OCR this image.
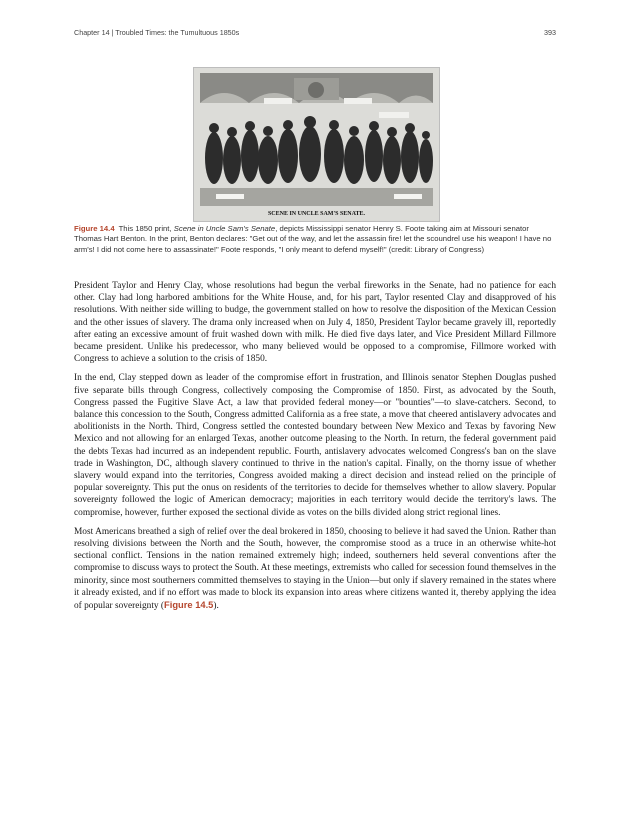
Chapter 14 | Troubled Times: the Tumultuous 1850s	393
SCENE IN UNCLE SAM'S SENATE.
Figure 14.4 This 1850 print, Scene in Uncle Sam's Senate, depicts Mississippi senator Henry S. Foote taking aim at Missouri senator Thomas Hart Benton. In the print, Benton declares: "Get out of the way, and let the assassin fire! let the scoundrel use his weapon! I have no arm's! I did not come here to assassinate!" Foote responds, "I only meant to defend myself!" (credit: Library of Congress)

President Taylor and Henry Clay, whose resolutions had begun the verbal fireworks in the Senate, had no patience for each other. Clay had long harbored ambitions for the White House, and, for his part, Taylor resented Clay and disapproved of his resolutions. With neither side willing to budge, the government stalled on how to resolve the disposition of the Mexican Cession and the other issues of slavery. The drama only increased when on July 4, 1850, President Taylor became gravely ill, reportedly after eating an excessive amount of fruit washed down with milk. He died five days later, and Vice President Millard Fillmore became president. Unlike his predecessor, who many believed would be opposed to a compromise, Fillmore worked with Congress to achieve a solution to the crisis of 1850.

In the end, Clay stepped down as leader of the compromise effort in frustration, and Illinois senator Stephen Douglas pushed five separate bills through Congress, collectively composing the Compromise of 1850. First, as advocated by the South, Congress passed the Fugitive Slave Act, a law that provided federal money—or "bounties"—to slave-catchers. Second, to balance this concession to the South, Congress admitted California as a free state, a move that cheered antislavery advocates and abolitionists in the North. Third, Congress settled the contested boundary between New Mexico and Texas by favoring New Mexico and not allowing for an enlarged Texas, another outcome pleasing to the North. In return, the federal government paid the debts Texas had incurred as an independent republic. Fourth, antislavery advocates welcomed Congress's ban on the slave trade in Washington, DC, although slavery continued to thrive in the nation's capital. Finally, on the thorny issue of whether slavery would expand into the territories, Congress avoided making a direct decision and instead relied on the principle of popular sovereignty. This put the onus on residents of the territories to decide for themselves whether to allow slavery. Popular sovereignty followed the logic of American democracy; majorities in each territory would decide the territory's laws. The compromise, however, further exposed the sectional divide as votes on the bills divided along strict regional lines.

Most Americans breathed a sigh of relief over the deal brokered in 1850, choosing to believe it had saved the Union. Rather than resolving divisions between the North and the South, however, the compromise stood as a truce in an otherwise white-hot sectional conflict. Tensions in the nation remained extremely high; indeed, southerners held several conventions after the compromise to discuss ways to protect the South. At these meetings, extremists who called for secession found themselves in the minority, since most southerners committed themselves to staying in the Union—but only if slavery remained in the states where it already existed, and if no effort was made to block its expansion into areas where citizens wanted it, thereby applying the idea of popular sovereignty (Figure 14.5).
